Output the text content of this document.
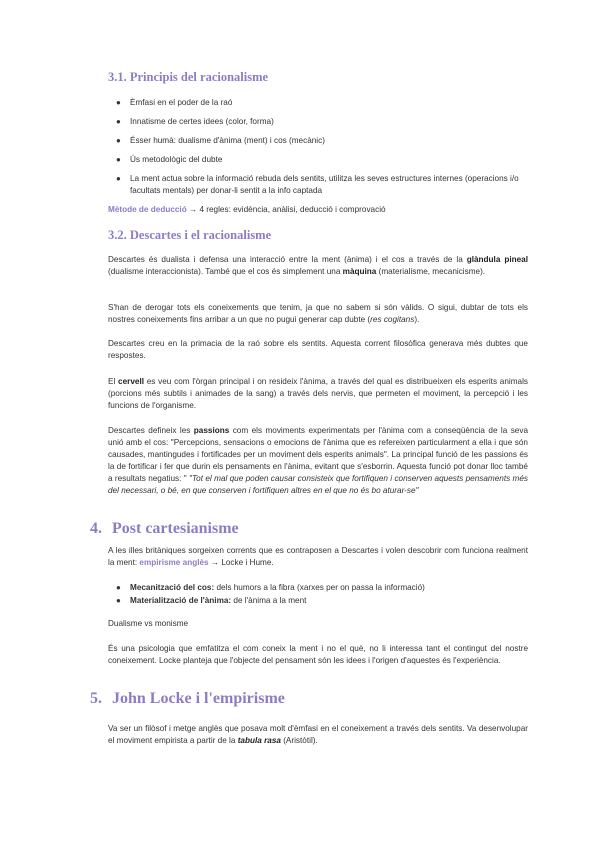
3.1. Principis del racionalisme
● Èmfasi en el poder de la raó
● Innatisme de certes idees (color, forma)
● Ésser humà: dualisme d'ànima (ment) i cos (mecànic)
● Ús metodològic del dubte
● La ment actua sobre la informació rebuda dels sentits, utilitza les seves estructures internes (operacions i/o facultats mentals) per donar-li sentit a la info captada

Mètode de deducció → 4 regles: evidència, anàlisi, deducció i comprovació

3.2. Descartes i el racionalisme

Descartes és dualista i defensa una interacció entre la ment (ànima) i el cos a través de la glàndula pineal (dualisme interaccionista). També que el cos és simplement una màquina (materialisme, mecanicisme).

S'han de derogar tots els coneixements que tenim, ja que no sabem si són vàlids. O sigui, dubtar de tots els nostres coneixements fins arribar a un que no pugui generar cap dubte (res cogitans).

Descartes creu en la primacia de la raó sobre els sentits. Aquesta corrent filosòfica generava més dubtes que respostes.

El cervell es veu com l'òrgan principal i on resideix l'ànima, a través del qual es distribueixen els esperits animals (porcions més subtils i animades de la sang) a través dels nervis, que permeten el moviment, la percepció i les funcions de l'organisme.

Descartes defineix les passions com els moviments experimentats per l'ànima com a conseqüència de la seva unió amb el cos: "Percepcions, sensacions o emocions de l'ànima que es refereixen particularment a ella i que són causades, mantingudes i fortificades per un moviment dels esperits animals". La principal funció de les passions és la de fortificar i fer que durin els pensaments en l'ànima, evitant que s'esborrin. Aquesta funció pot donar lloc també a resultats negatius: " "Tot el mal que poden causar consisteix que fortifiquen i conserven aquests pensaments més del necessari, o bé, en que conserven i fortifiquen altres en el que no és bo aturar-se"

4. Post cartesianisme

A les illes britàniques sorgeixen corrents que es contraposen a Descartes i volen descobrir com funciona realment la ment: empirisme anglès → Locke i Hume.

● Mecanització del cos: dels humors a la fibra (xarxes per on passa la informació)
● Materialització de l'ànima: de l'ànima a la ment

Dualisme vs monisme

És una psicologia que emfatitza el com coneix la ment i no el què, no li interessa tant el contingut del nostre coneixement. Locke planteja que l'objecte del pensament són les idees i l'origen d'aquestes és l'experiència.

5. John Locke i l'empirisme

Va ser un filòsof i metge anglès que posava molt d'èmfasi en el coneixement a través dels sentits. Va desenvolupar el moviment empirista a partir de la tabula rasa (Aristòtil).
